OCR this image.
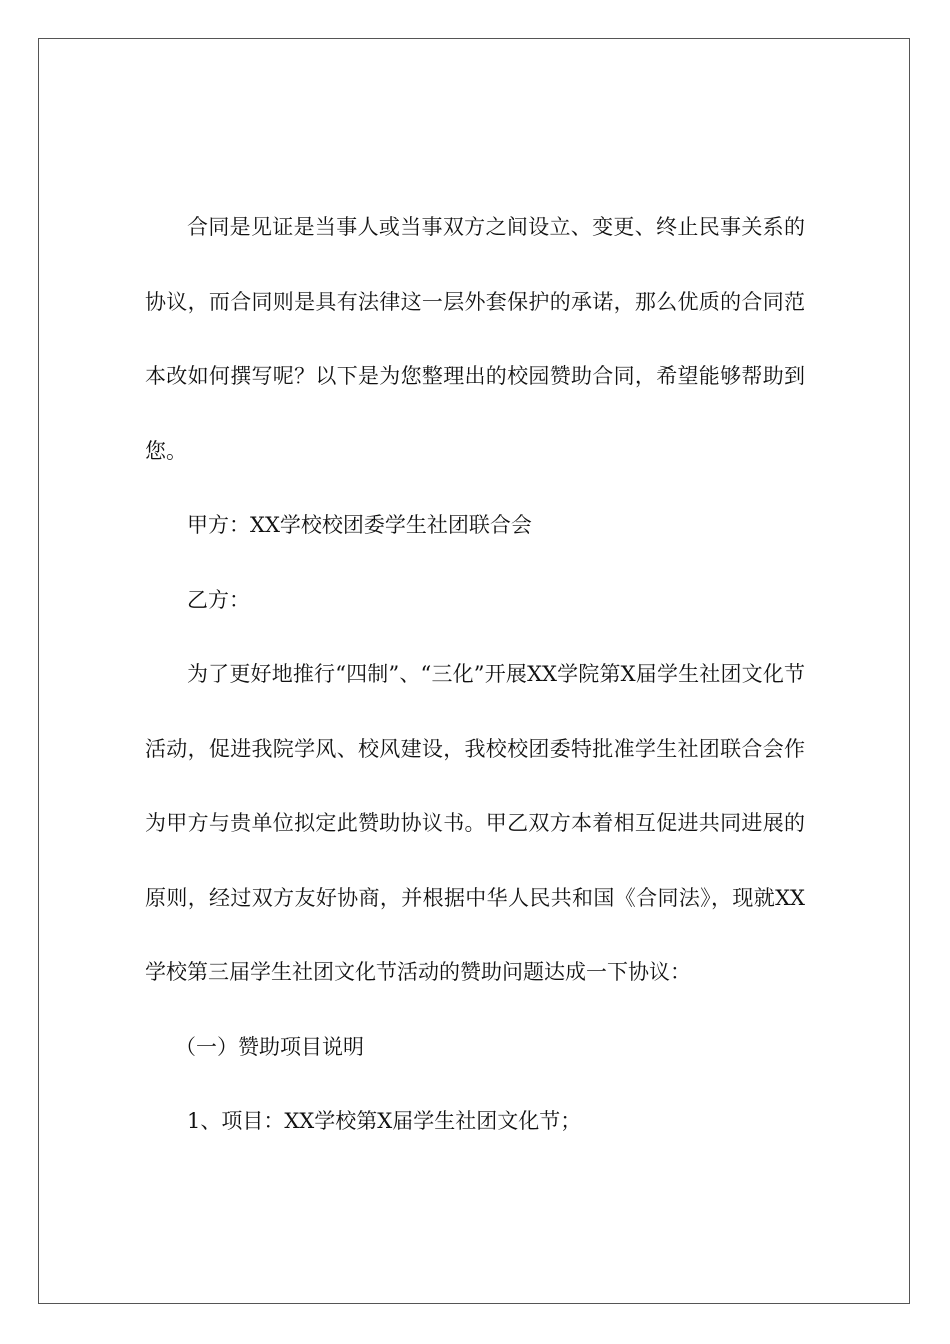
合同是见证是当事人或当事双方之间设立、变更、终止民事关系的协议，而合同则是具有法律这一层外套保护的承诺，那么优质的合同范本改如何撰写呢？以下是为您整理出的校园赞助合同，希望能够帮助到您。

甲方：XX学校校团委学生社团联合会

乙方：

为了更好地推行“四制”、“三化”开展XX学院第X届学生社团文化节活动，促进我院学风、校风建设，我校校团委特批准学生社团联合会作为甲方与贵单位拟定此赞助协议书。甲乙双方本着相互促进共同进展的原则，经过双方友好协商，并根据中华人民共和国《合同法》，现就XX学校第三届学生社团文化节活动的赞助问题达成一下协议：

（一）赞助项目说明

1、项目：XX学校第X届学生社团文化节；
